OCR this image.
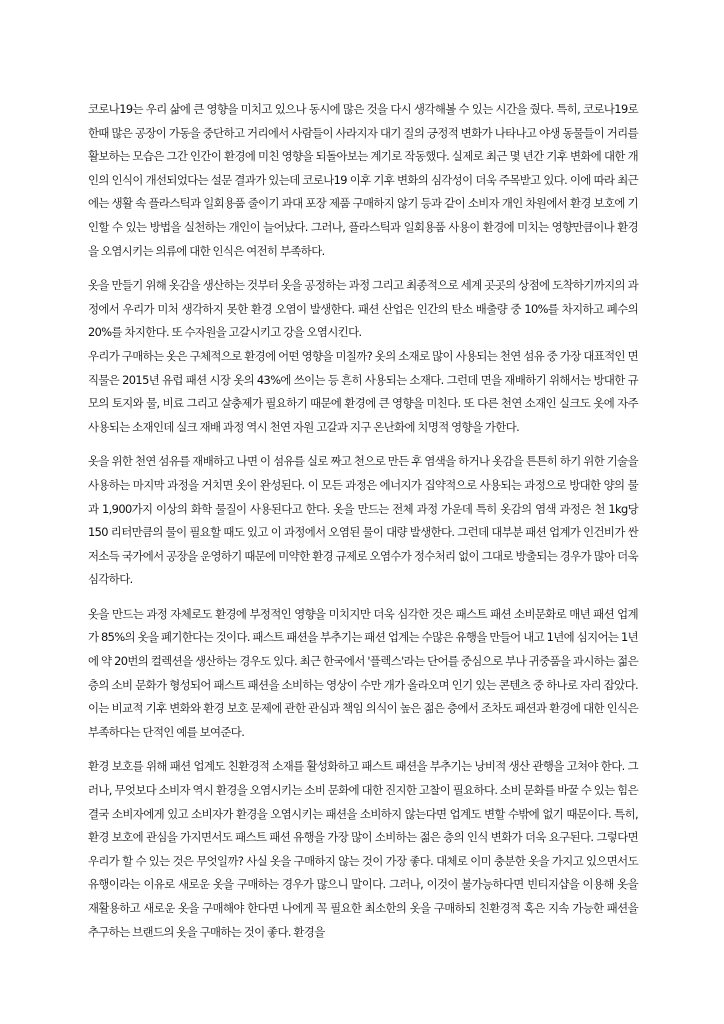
코로나19는 우리 삶에 큰 영향을 미치고 있으나 동시에 많은 것을 다시 생각해볼 수 있는 시간을 줬다. 특히, 코로나19로 한때 많은 공장이 가동을 중단하고 거리에서 사람들이 사라지자 대기 질의 긍정적 변화가 나타나고 야생 동물들이 거리를 활보하는 모습은 그간 인간이 환경에 미친 영향을 되돌아보는 계기로 작동했다. 실제로 최근 몇 년간 기후 변화에 대한 개인의 인식이 개선되었다는 설문 결과가 있는데 코로나19 이후 기후 변화의 심각성이 더욱 주목받고 있다. 이에 따라 최근에는 생활 속 플라스틱과 일회용품 줄이기 과대 포장 제품 구매하지 않기 등과 같이 소비자 개인 차원에서 환경 보호에 기인할 수 있는 방법을 실천하는 개인이 늘어났다. 그러나, 플라스틱과 일회용품 사용이 환경에 미치는 영향만큼이나 환경을 오염시키는 의류에 대한 인식은 여전히 부족하다.

옷을 만들기 위해 옷감을 생산하는 것부터 옷을 공정하는 과정 그리고 최종적으로 세계 곳곳의 상점에 도착하기까지의 과정에서 우리가 미처 생각하지 못한 환경 오염이 발생한다. 패션 산업은 인간의 탄소 배출량 중 10%를 차지하고 폐수의 20%를 차지한다. 또 수자원을 고갈시키고 강을 오염시킨다.

우리가 구매하는 옷은 구체적으로 환경에 어떤 영향을 미칠까? 옷의 소재로 많이 사용되는 천연 섬유 중 가장 대표적인 면 직물은 2015년 유럽 패션 시장 옷의 43%에 쓰이는 등 흔히 사용되는 소재다. 그런데 면을 재배하기 위해서는 방대한 규모의 토지와 물, 비료 그리고 살충제가 필요하기 때문에 환경에 큰 영향을 미친다. 또 다른 천연 소재인 실크도 옷에 자주 사용되는 소재인데 실크 재배 과정 역시 천연 자원 고갈과 지구 온난화에 치명적 영향을 가한다.

옷을 위한 천연 섬유를 재배하고 나면 이 섬유를 실로 짜고 천으로 만든 후 염색을 하거나 옷감을 튼튼히 하기 위한 기술을 사용하는 마지막 과정을 거치면 옷이 완성된다. 이 모든 과정은 에너지가 집약적으로 사용되는 과정으로 방대한 양의 물과 1,900가지 이상의 화학 물질이 사용된다고 한다. 옷을 만드는 전체 과정 가운데 특히 옷감의 염색 과정은 천 1kg당 150 리터만큼의 물이 필요할 때도 있고 이 과정에서 오염된 물이 대량 발생한다. 그런데 대부분 패션 업계가 인건비가 싼 저소득 국가에서 공장을 운영하기 때문에 미약한 환경 규제로 오염수가 정수처리 없이 그대로 방출되는 경우가 많아 더욱 심각하다.

옷을 만드는 과정 자체로도 환경에 부정적인 영향을 미치지만 더욱 심각한 것은 패스트 패션 소비문화로 매년 패션 업계가 85%의 옷을 폐기한다는 것이다. 패스트 패션을 부추기는 패션 업계는 수많은 유행을 만들어 내고 1년에 심지어는 1년에 약 20번의 컬렉션을 생산하는 경우도 있다. 최근 한국에서 '플렉스'라는 단어를 중심으로 부나 귀중품을 과시하는 젊은 층의 소비 문화가 형성되어 패스트 패션을 소비하는 영상이 수만 개가 올라오며 인기 있는 콘텐츠 중 하나로 자리 잡았다. 이는 비교적 기후 변화와 환경 보호 문제에 관한 관심과 책임 의식이 높은 젊은 층에서 조차도 패션과 환경에 대한 인식은 부족하다는 단적인 예를 보여준다.

환경 보호를 위해 패션 업계도 친환경적 소재를 활성화하고 패스트 패션을 부추기는 낭비적 생산 관행을 고쳐야 한다. 그러나, 무엇보다 소비자 역시 환경을 오염시키는 소비 문화에 대한 진지한 고찰이 필요하다. 소비 문화를 바꿀 수 있는 힘은 결국 소비자에게 있고 소비자가 환경을 오염시키는 패션을 소비하지 않는다면 업계도 변할 수밖에 없기 때문이다. 특히, 환경 보호에 관심을 가지면서도 패스트 패션 유행을 가장 많이 소비하는 젊은 층의 인식 변화가 더욱 요구된다. 그렇다면 우리가 할 수 있는 것은 무엇일까? 사실 옷을 구매하지 않는 것이 가장 좋다. 대체로 이미 충분한 옷을 가지고 있으면서도 유행이라는 이유로 새로운 옷을 구매하는 경우가 많으니 말이다. 그러나, 이것이 불가능하다면 빈티지샵을 이용해 옷을 재활용하고 새로운 옷을 구매해야 한다면 나에게 꼭 필요한 최소한의 옷을 구매하되 친환경적 혹은 지속 가능한 패션을 추구하는 브랜드의 옷을 구매하는 것이 좋다. 환경을
